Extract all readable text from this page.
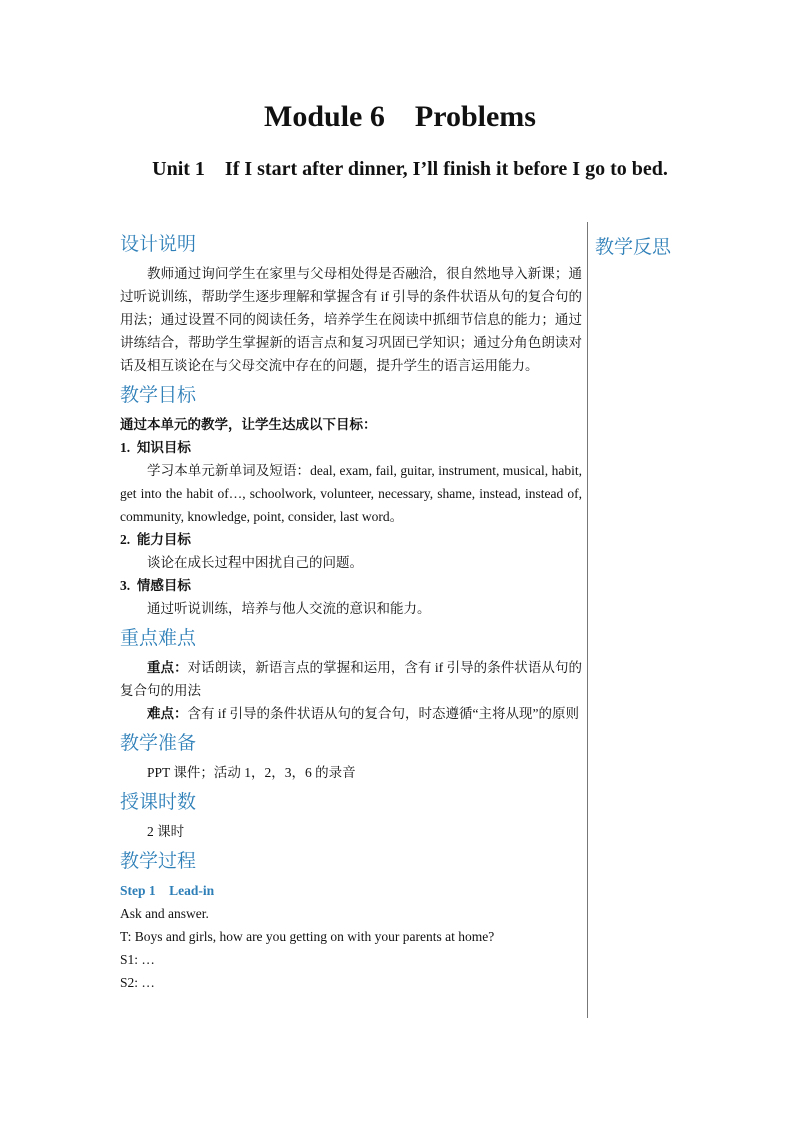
Module 6    Problems
Unit 1    If I start after dinner, I’ll finish it before I go to bed.
教学反思
设计说明

教师通过询问学生在家里与父母相处得是否融洽，很自然地导入新课；通过听说训练，帮助学生逐步理解和掌握含有 if 引导的条件状语从句的复合句的用法；通过设置不同的阅读任务，培养学生在阅读中抓细节信息的能力；通过讲练结合，帮助学生掌握新的语言点和复习巩固已学知识；通过分角色朗读对话及相互谈论在与父母交流中存在的问题，提升学生的语言运用能力。

教学目标

通过本单元的教学，让学生达成以下目标：

1.  知识目标

学习本单元新单词及短语：deal, exam, fail, guitar, instrument, musical, habit, get into the habit of…, schoolwork, volunteer, necessary, shame, instead, instead of, community, knowledge, point, consider, last word。

2.  能力目标

谈论在成长过程中困扰自己的问题。

3.  情感目标

通过听说训练，培养与他人交流的意识和能力。

重点难点

重点：对话朗读，新语言点的掌握和运用，含有 if 引导的条件状语从句的复合句的用法

难点：含有 if 引导的条件状语从句的复合句，时态遵循“主将从现”的原则

教学准备

PPT 课件；活动 1，2，3，6 的录音

授课时数

2 课时

教学过程

Step 1    Lead-in

Ask and answer.

T: Boys and girls, how are you getting on with your parents at home?

S1: …

S2: …
